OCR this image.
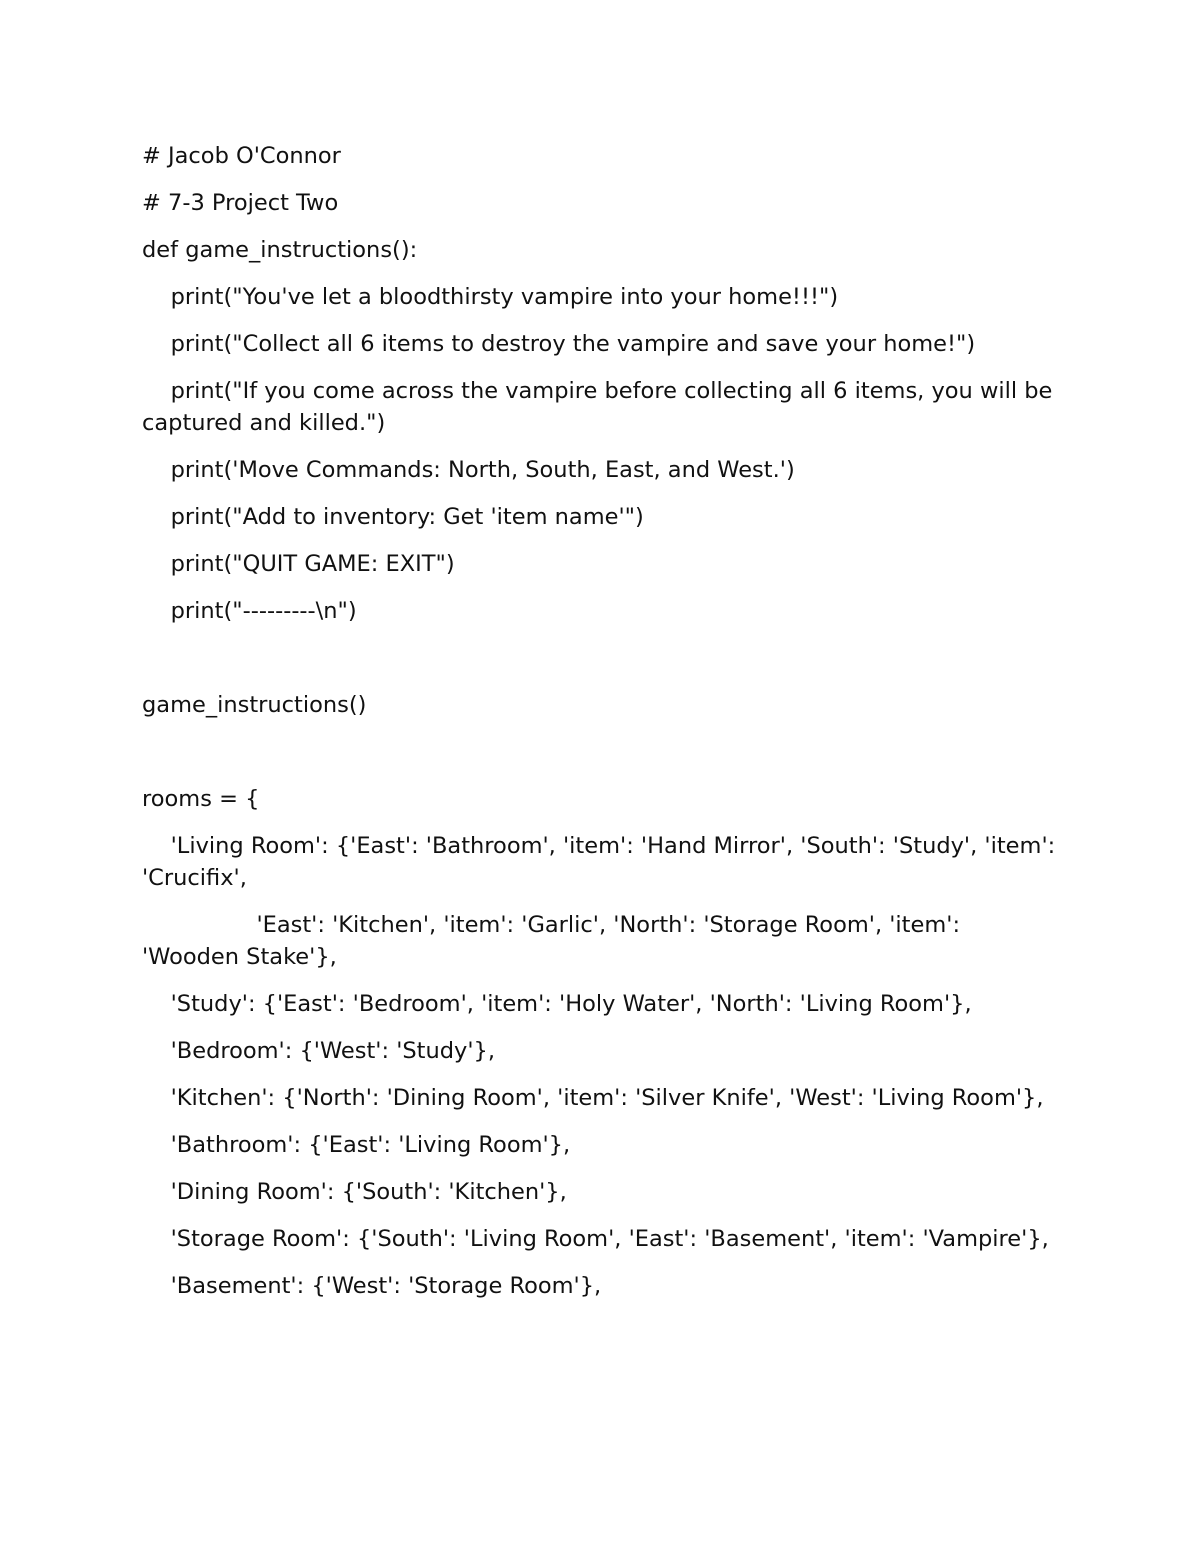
# Jacob O'Connor

# 7-3 Project Two

def game_instructions():

print("You've let a bloodthirsty vampire into your home!!!")

print("Collect all 6 items to destroy the vampire and save your home!")

print("If you come across the vampire before collecting all 6 items, you will be captured and killed.")

print('Move Commands: North, South, East, and West.')

print("Add to inventory: Get 'item name'")

print("QUIT GAME: EXIT")

print("---------\n")

game_instructions()

rooms = {

'Living Room': {'East': 'Bathroom', 'item': 'Hand Mirror', 'South': 'Study', 'item': 'Crucifix',

'East': 'Kitchen', 'item': 'Garlic', 'North': 'Storage Room', 'item': 'Wooden Stake'},

'Study': {'East': 'Bedroom', 'item': 'Holy Water', 'North': 'Living Room'},

'Bedroom': {'West': 'Study'},

'Kitchen': {'North': 'Dining Room', 'item': 'Silver Knife', 'West': 'Living Room'},

'Bathroom': {'East': 'Living Room'},

'Dining Room': {'South': 'Kitchen'},

'Storage Room': {'South': 'Living Room', 'East': 'Basement', 'item': 'Vampire'},

'Basement': {'West': 'Storage Room'},
